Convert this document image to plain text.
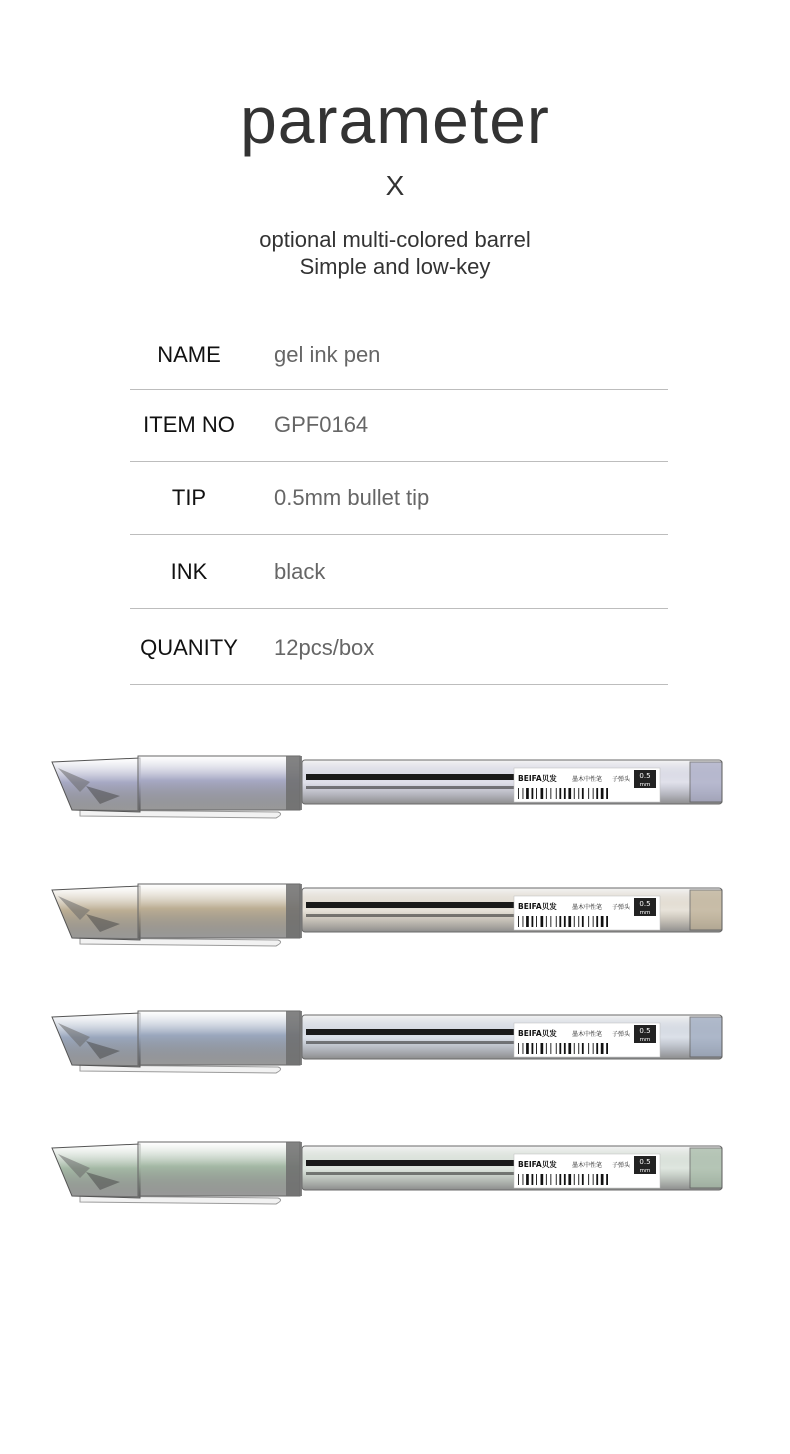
parameter
X
optional multi-colored barrel
Simple and low-key
NAME	gel ink pen
ITEM NO	GPF0164
TIP	0.5mm bullet tip
INK	black
QUANITY	12pcs/box
BEIFA贝发	墨木中性笔 子弹头 0.5
mm
BEIFA贝发	墨木中性笔 子弹头 0.5
mm
BEIFA贝发	墨木中性笔 子弹头 0.5
mm
BEIFA贝发	墨木中性笔 子弹头 0.5
mm
